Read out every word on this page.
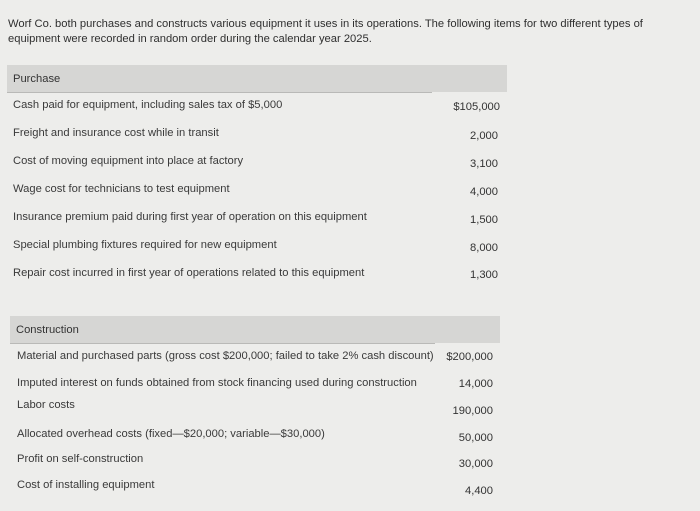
Worf Co. both purchases and constructs various equipment it uses in its operations. The following items for two different types of equipment were recorded in random order during the calendar year 2025.
Purchase
Cash paid for equipment, including sales tax of $5,000	$105,000
Freight and insurance cost while in transit	2,000
Cost of moving equipment into place at factory	3,100
Wage cost for technicians to test equipment	4,000
Insurance premium paid during first year of operation on this equipment	1,500
Special plumbing fixtures required for new equipment	8,000
Repair cost incurred in first year of operations related to this equipment	1,300
Construction
Material and purchased parts (gross cost $200,000; failed to take 2% cash discount)	$200,000
Imputed interest on funds obtained from stock financing used during construction	14,000
Labor costs	190,000
Allocated overhead costs (fixed—$20,000; variable—$30,000)	50,000
Profit on self-construction	30,000
Cost of installing equipment	4,400
